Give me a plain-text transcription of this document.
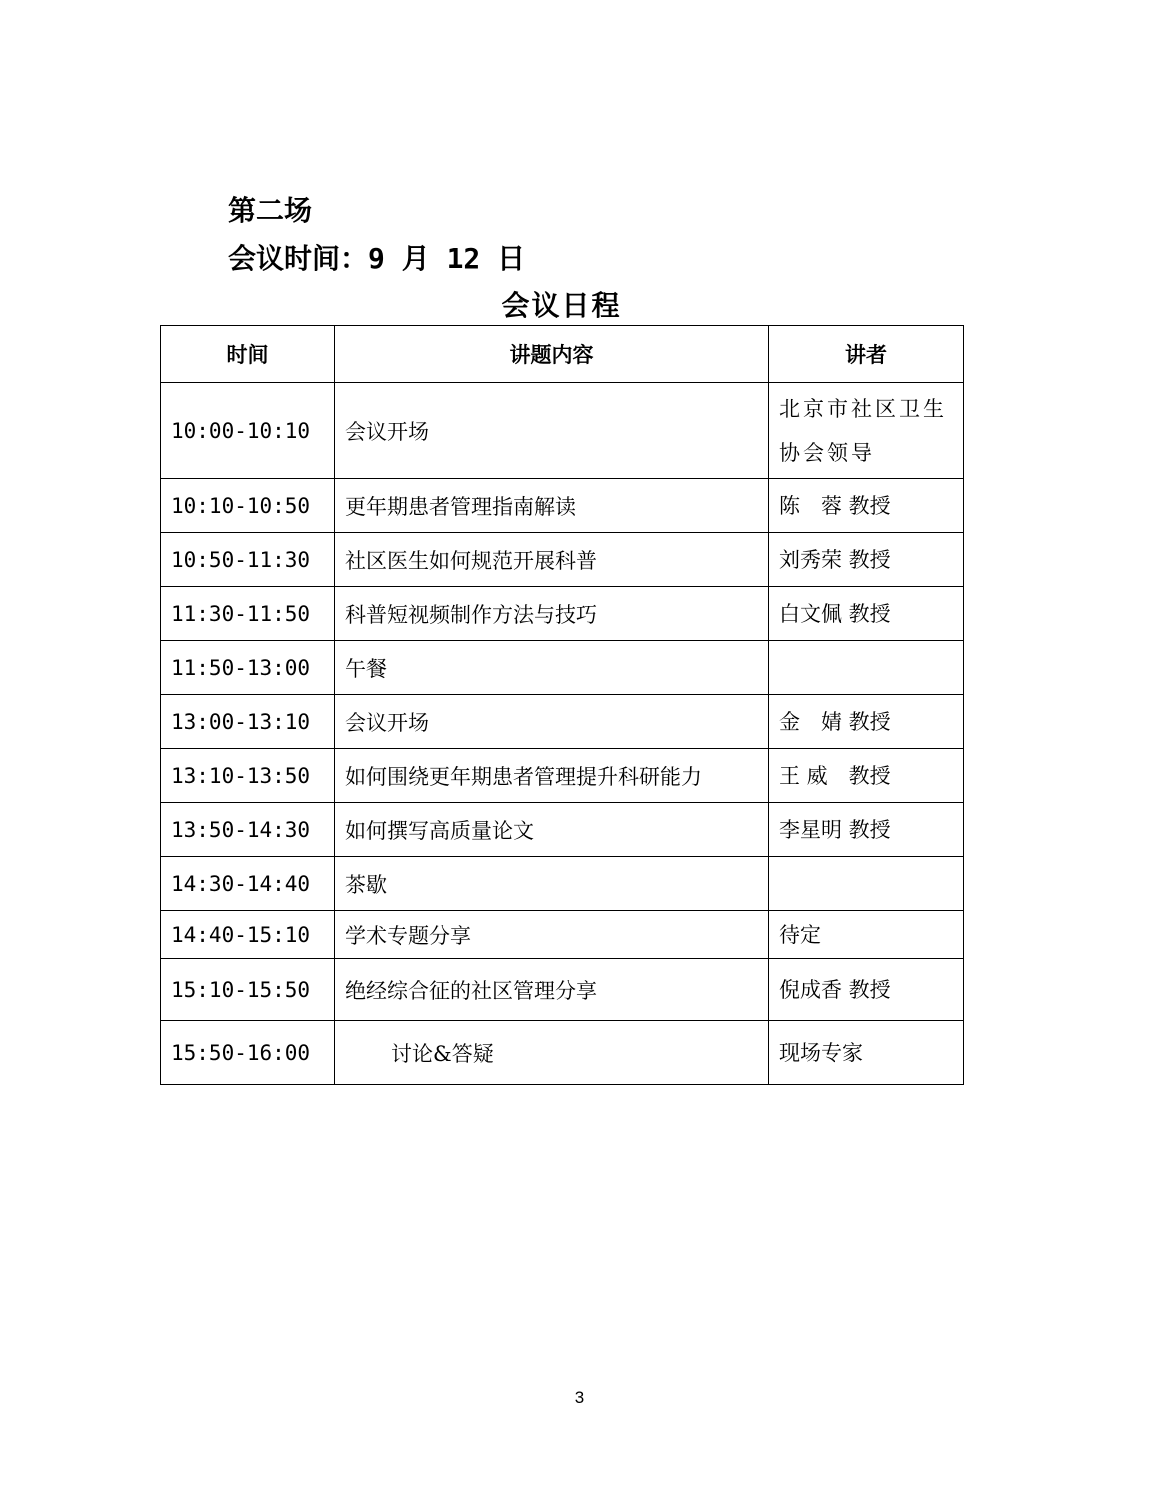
第二场
会议时间：9 月 12 日
会议日程
时间	讲题内容	讲者
10:00-10:10	会议开场	北京市社区卫生协会领导
10:10-10:50	更年期患者管理指南解读	陈　蓉 教授
10:50-11:30	社区医生如何规范开展科普	刘秀荣 教授
11:30-11:50	科普短视频制作方法与技巧	白文佩 教授
11:50-13:00	午餐	
13:00-13:10	会议开场	金　婧 教授
13:10-13:50	如何围绕更年期患者管理提升科研能力	王 威　教授
13:50-14:30	如何撰写高质量论文	李星明 教授
14:30-14:40	茶歇	
14:40-15:10	学术专题分享	待定
15:10-15:50	绝经综合征的社区管理分享	倪成香 教授
15:50-16:00	讨论&答疑	现场专家
3
